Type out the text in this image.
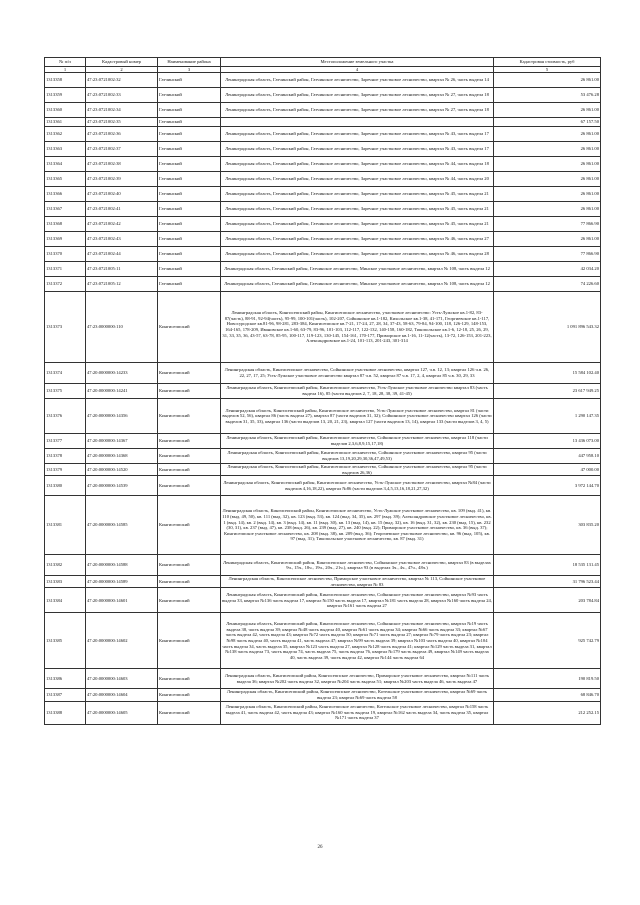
№ п/п	Кадастровый номер	Наименование района	Местоположение земельного участка	Кадастровая стоимость, руб
1	2	3	4	5
1313358	47:23:0721002:32	Гатчинский	Ленинградская область, Гатчинский район, Гатчинское лесничество, Заречное участковое лесничество, квартал № 26, часть выдела 14	26 861.00
1313359	47:23:0721002:33	Гатчинский	Ленинградская область, Гатчинский район, Гатчинское лесничество, Заречное участковое лесничество, квартал № 27, часть выдела 18	53 476.28
1313360	47:23:0721002:34	Гатчинский	Ленинградская область, Гатчинский район, Гатчинское лесничество, Заречное участковое лесничество, квартал № 27, часть выдела 18	26 861.00
1313361	47:23:0721002:35	Гатчинский		67 157.50
1313362	47:23:0721002:36	Гатчинский	Ленинградская область, Гатчинский район, Гатчинское лесничество, Заречное участковое лесничество, квартал № 43, часть выдела 17	26 861.00
1313363	47:23:0721002:37	Гатчинский	Ленинградская область, Гатчинский район, Гатчинское лесничество, Заречное участковое лесничество, квартал № 43, часть выдела 17	26 861.00
1313364	47:23:0721002:38	Гатчинский	Ленинградская область, Гатчинский район, Гатчинское лесничество, Заречное участковое лесничество, квартал № 44, часть выдела 18	26 861.00
1313365	47:23:0721002:39	Гатчинский	Ленинградская область, Гатчинский район, Гатчинское лесничество, Заречное участковое лесничество, квартал № 44, часть выдела 20	26 861.00
1313366	47:23:0721002:40	Гатчинский	Ленинградская область, Гатчинский район, Гатчинское лесничество, Заречное участковое лесничество, квартал № 45, часть выдела 21	26 861.00
1313367	47:23:0721002:41	Гатчинский	Ленинградская область, Гатчинский район, Гатчинское лесничество, Заречное участковое лесничество, квартал № 45, часть выдела 21	26 861.00
1313368	47:23:0721002:42	Гатчинский	Ленинградская область, Гатчинский район, Гатчинское лесничество, Заречное участковое лесничество, квартал № 45, часть выдела 21	77 866.90
1313369	47:23:0721002:43	Гатчинский	Ленинградская область, Гатчинский район, Гатчинское лесничество, Заречное участковое лесничество, квартал № 46, часть выдела 27	26 861.00
1313370	47:23:0721002:44	Гатчинский	Ленинградская область, Гатчинский район, Гатчинское лесничество, Заречное участковое лесничество, квартал № 46, часть выдела 28	77 866.90
1313371	47:23:0721005:11	Гатчинский	Ленинградская область, Гатчинский район, Гатчинское лесничество, Минское участковое лесничество, квартал № 108, часть выдела 12	42 034.20
1313372	47:23:0721005:12	Гатчинский	Ленинградская область, Гатчинский район, Гатчинское лесничество, Минское участковое лесничество, квартал № 108, часть выдела 12	74 226.60
1313373	47:23:0000000:110	Кингисеппский	Ленинградская область, Кингисеппский район, Кингисеппское лесничество, участковое лесничество: Усть-Лужское кв.1-82, 83-87(часть), 88-91, 92-94(часть), 95-99, 100-101(часть), 102-207, Сойкинское кв.1-182, Кихольское кв.1-38, 41-171, Георгиевское кв.1-117, Новосуродское кв.81-96, 98-281, 283-384, Кингисеппское кв.7-21, 17-24, 27, 28, 34, 37-43, 58-63, 79-84, 94-100, 118, 126-129, 148-153, 164-165, 178-209, Ивановское кв.1-60, 63-79, 83-96, 101-103, 112-117, 122-132, 140-158, 160-182, Тикопольское кв.1-6, 12-18, 25, 26, 29, 31, 33, 35, 36, 43-57, 63-78, 85-95, 100-117, 119-123, 130-145, 154-161, 170-177, Приморское кв.1-16, 11-12(часть), 13-72, 126-153, 201-223, Александровское кв.1-24, 101-113, 201-243, 301-314	1 091 896 543.32
1313374	47:20:0000000:14233	Кингисеппский	Ленинградская область, Кингисеппское лесничество, Сойкинское участковое лесничество, квартал 127, ч.в. 12, 13; квартал 126 ч.в. 26, 22, 27, 17, 25; Усть-Лужское участковое лесничество квартал 87 ч.в. 52, квартал 87 ч.в. 17, 2, 4, квартал 85 ч.в. 30, 29, 33	15 584 102.40
1313375	47:20:0000000:14241	Кингисеппский	Ленинградская область, Кингисеппский район, Кингисеппское лесничество, Усть-Лужское участковое лесничество квартал 83 (часть выдела 16), 85 (части выделов 2, 7, 18, 28, 38, 39, 41-45)	23 617 949.25
1313376	47:20:0000000:14356	Кингисеппский	Ленинградская область, Кингисеппский район, Кингисеппское лесничество, Усть-Лужское участковое лесничество, квартал 81 (части выделов 52, 56), квартал 86 (часть выдела 27), квартал 87 (части выделов 31, 32); Сойкинское участковое лесничество квартал 126 (части выделов 31, 35, 33), квартал 136 (части выделов 13, 20, 21, 23), квартал 127 (части выделов 13, 14), квартал 133 (части выделов 3, 4, 5)	1 290 147.35
1313377	47:20:0000000:14367	Кингисеппский	Ленинградская область, Кингисеппский район, Кингисеппское лесничество, Сойкинское участковое лесничество, квартал 118 (части выделов 2,3,6,8,9,15,17,18)	13 436 073.00
1313378	47:20:0000000:14368	Кингисеппский	Ленинградская область, Кингисеппский район, Кингисеппское лесничество, Сойкинское участковое лесничество, квартал 95 (части выделов 13,19,20,29,30,36,47,49,53)	447 958.10
1313379	47:20:0000000:14520	Кингисеппский	Ленинградская область, Кингисеппский район, Кингисеппское лесничество, Сойкинское участковое лесничество, квартал 95 (части выделов 26,36)	47 000.00
1313380	47:20:0000000:14539	Кингисеппский	Ленинградская область, Кингисеппский район, Кингисеппское лесничество, Усть-Лужское участковое лесничество, квартал №84 (части выделов 4,16,18,22), квартал №86 (части выделов 3,4,5,13,16,18,21,27,32)	3 972 144.70
1313381	47:20:0000000:14585	Кингисеппский	Ленинградская область, Кингисеппский район, Кингисеппское лесничество, Усть-Лужское участковое лесничество, кв. 109 (выд. 41), кв. 110 (выд. 49, 50), кв. 111 (выд. 32), кв. 123 (выд. 53), кв. 124 (выд. 34, 35), кв. 297 (выд. 39); Александровское участковое лесничество, кв. 1 (выд. 14), кв. 2 (выд. 14), кв. 3 (выд. 14), кв. 11 (выд. 30), кв. 13 (выд. 14), кв. 15 (выд. 32), кв. 16 (выд. 31, 32), кв. 230 (выд. 15), кв. 232 (30, 31), кв. 237 (выд. 47), кв. 238 (выд. 26), кв. 239 (выд. 27), кв. 240 (выд. 22); Приморское участковое лесничество, кв. 36 (выд. 37); Кингисеппское участковое лесничество, кв. 208 (выд. 38), кв. 209 (выд. 36); Георгиевское участковое лесничество, кв. 96 (выд. 105), кв. 97 (выд. 31); Тикопольское участковое лесничество, кв. 87 (выд. 31)	303 835.20
1313382	47:20:0000000:14588	Кингисеппский	Ленинградская область, Кингисеппский район, Кингисеппское лесничество, Сойкинское участковое лесничество, квартал 83 (в выделах 9ч., 15ч., 18ч., 19ч., 20ч., 21ч.), квартал 93 (в выделах 3ч., 4ч., 47ч., 48ч.)	18 535 131.45
1313383	47:20:0000000:14589	Кингисеппский	Ленинградская область, Кингисеппское лесничество, Приморское участковое лесничество, квартал № 113, Сойкинское участковое лесничество, квартал № 83	31 796 523.44
1313384	47:20:0000000:14601	Кингисеппский	Ленинградская область, Кингисеппский район, Кингисеппское лесничество, Сойкинское участковое лесничество, квартал №93 часть выдела 33, квартал №136 часть выдела 17, квартал №150 часть выдела 17, квартал №181 часть выдела 28, квартал №160 часть выдела 24, квартал №161 часть выдела 27	203 784.84
1313385	47:20:0000000:14602	Кингисеппский	Ленинградская область, Кингисеппский район, Кингисеппское лесничество, Сойкинское участковое лесничество, квартал №19 часть выдела 38, часть выдела 39; квартал №48 часть выдела 40, квартал №61 часть выдела 34; квартал №66 часть выдела 33; квартал №67 часть выдела 42, часть выдела 43; квартал №72 часть выдела 50; квартал №71 часть выдела 27; квартал №79 часть выдела 23; квартал №98 часть выдела 40, часть выдела 41, часть выдела 47; квартал №99 часть выдела 39; квартал №103 часть выдела 40, квартал №104 часть выдела 34, часть выдела 35, квартал №123 часть выдела 27, квартал №128 часть выдела 41; квартал №129 часть выдела 31, квартал №138 часть выдела 73, часть выдела 74, часть выдела 75, часть выдела 76, квартал №179 часть выдела 49, квартал №149 часть выдела 40, часть выдела 39, часть выдела 42, квартал №144 часть выдела 64	925 742.79
1313386	47:20:0000000:14603	Кингисеппский	Ленинградская область, Кингисеппский район, Кингисеппское лесничество, Приморское участковое лесничество, квартал №111 часть выдела 36; квартал №202 часть выдела 32, квартал №204 часть выдела 51; квартал №203 часть выдела 46, часть выдела 47	190 819.50
1313387	47:20:0000000:14604	Кингисеппский	Ленинградская область, Кингисеппский район, Кингисеппское лесничество, Котельское участковое лесничество, квартал №69 часть выдела 23; квартал №69 часть выдела 58	68 846.70
1313388	47:20:0000000:14605	Кингисеппский	Ленинградская область, Кингисеппский район, Кингисеппское лесничество, Котельское участковое лесничество, квартал №158 часть выдела 41, часть выдела 42, часть выдела 43; квартал №160 часть выдела 19, квартал №162 часть выдела 34, часть выдела 35, квартал №171 часть выдела 37	212 252.15
26
